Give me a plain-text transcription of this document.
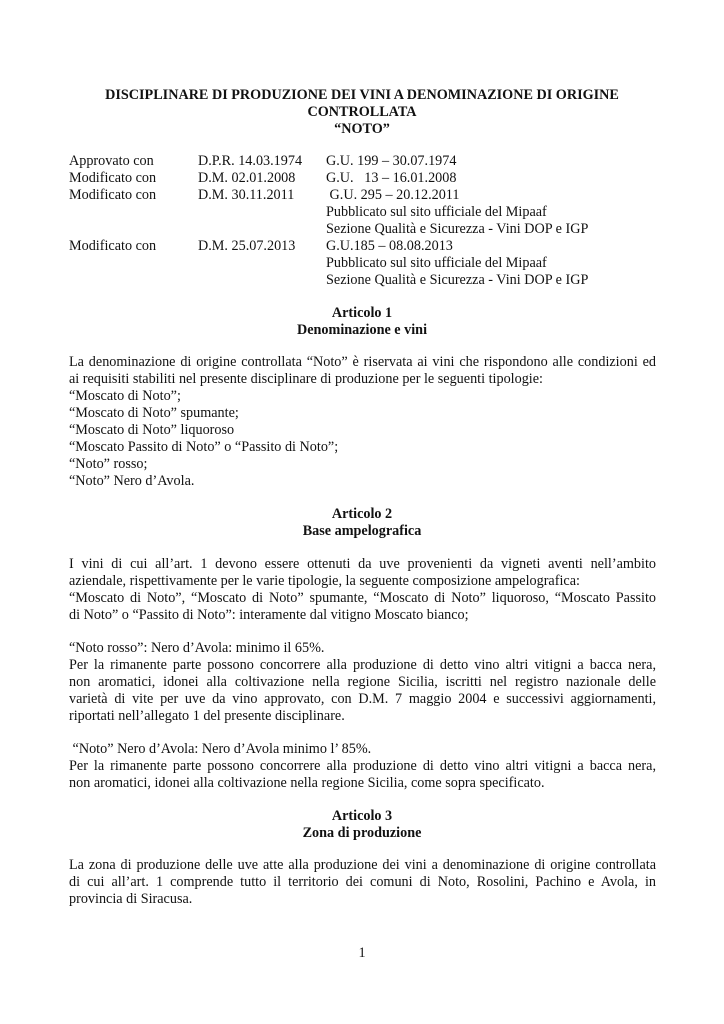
DISCIPLINARE DI PRODUZIONE DEI VINI A DENOMINAZIONE DI ORIGINE
CONTROLLATA
“NOTO”
Approvato con	D.P.R. 14.03.1974 G.U. 199 – 30.07.1974
Modificato con	D.M. 02.01.2008 G.U.   13 – 16.01.2008
Modificato con	D.M. 30.11.2011 G.U. 295 – 20.12.2011
Pubblicato sul sito ufficiale del Mipaaf
Sezione Qualità e Sicurezza - Vini DOP e IGP
Modificato con	D.M. 25.07.2013 G.U.185 – 08.08.2013
Pubblicato sul sito ufficiale del Mipaaf
Sezione Qualità e Sicurezza - Vini DOP e IGP
Articolo 1
Denominazione e vini
La denominazione di origine controllata “Noto” è riservata ai vini che rispondono alle condizioni ed
ai requisiti stabiliti nel presente disciplinare di produzione per le seguenti tipologie:
“Moscato di Noto”;
“Moscato di Noto” spumante;
“Moscato di Noto” liquoroso
“Moscato Passito di Noto” o “Passito di Noto”;
“Noto” rosso;
“Noto” Nero d’Avola.
Articolo 2
Base ampelografica
I vini di cui all’art. 1 devono essere ottenuti da uve provenienti da vigneti aventi nell’ambito
aziendale, rispettivamente per le varie tipologie, la seguente composizione ampelografica:
“Moscato di Noto”, “Moscato di Noto” spumante, “Moscato di Noto” liquoroso, “Moscato Passito
di Noto” o “Passito di Noto”: interamente dal vitigno Moscato bianco;
“Noto rosso”: Nero d’Avola: minimo il 65%.
Per la rimanente parte possono concorrere alla produzione di detto vino altri vitigni a bacca nera,
non aromatici, idonei alla coltivazione nella regione Sicilia, iscritti nel registro nazionale delle
varietà di vite per uve da vino approvato, con D.M. 7 maggio 2004 e successivi aggiornamenti,
riportati nell’allegato 1 del presente disciplinare.
“Noto” Nero d’Avola: Nero d’Avola minimo l’ 85%.
Per la rimanente parte possono concorrere alla produzione di detto vino altri vitigni a bacca nera,
non aromatici, idonei alla coltivazione nella regione Sicilia, come sopra specificato.
Articolo 3
Zona di produzione
La zona di produzione delle uve atte alla produzione dei vini a denominazione di origine controllata
di cui all’art. 1 comprende tutto il territorio dei comuni di Noto, Rosolini, Pachino e Avola, in
provincia di Siracusa.
1
